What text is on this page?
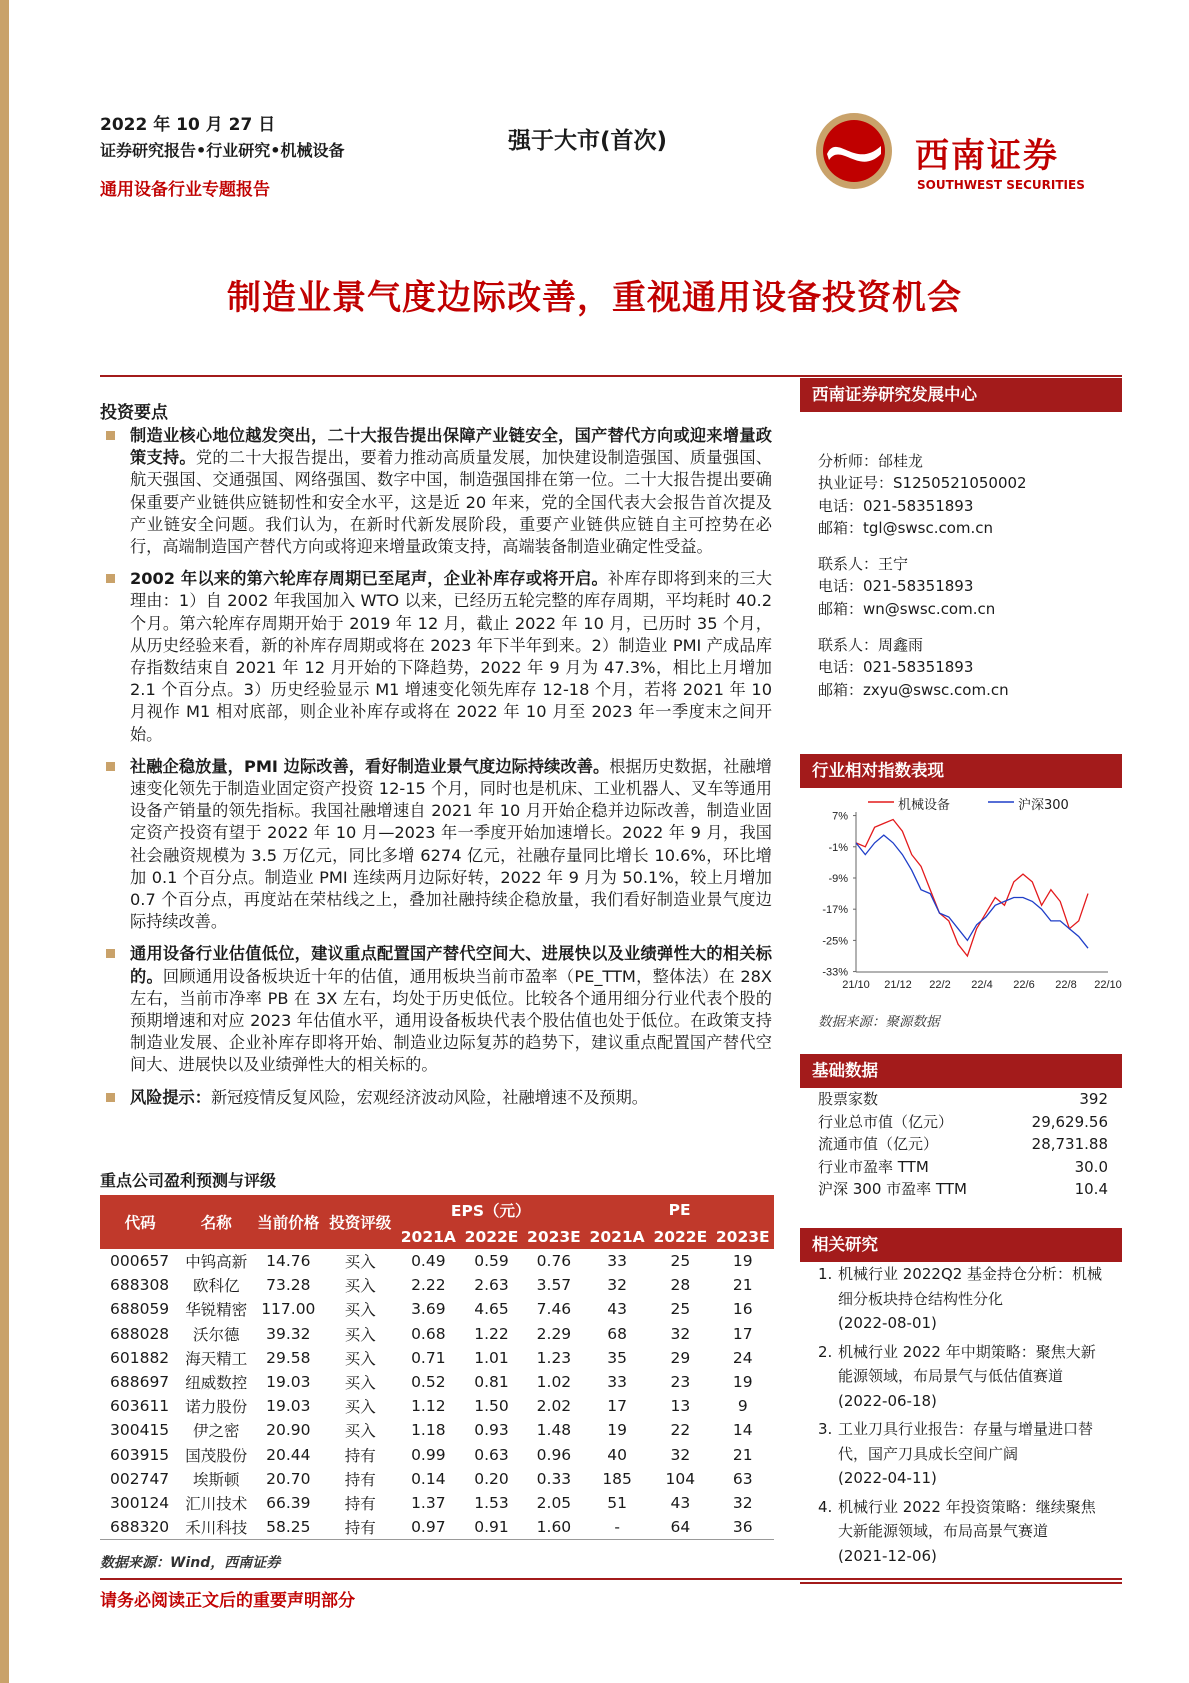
2022 年 10 月 27 日
证券研究报告•行业研究•机械设备
通用设备行业专题报告
强于大市(首次)	西南证券
SOUTHWEST SECURITIES
制造业景气度边际改善，重视通用设备投资机会
投资要点
制造业核心地位越发突出，二十大报告提出保障产业链安全，国产替代方向或迎来增量政策支持。党的二十大报告提出，要着力推动高质量发展，加快建设制造强国、质量强国、航天强国、交通强国、网络强国、数字中国，制造强国排在第一位。二十大报告提出要确保重要产业链供应链韧性和安全水平，这是近 20 年来，党的全国代表大会报告首次提及产业链安全问题。我们认为，在新时代新发展阶段，重要产业链供应链自主可控势在必行，高端制造国产替代方向或将迎来增量政策支持，高端装备制造业确定性受益。
2002 年以来的第六轮库存周期已至尾声，企业补库存或将开启。补库存即将到来的三大理由：1）自 2002 年我国加入 WTO 以来，已经历五轮完整的库存周期，平均耗时 40.2 个月。第六轮库存周期开始于 2019 年 12 月，截止 2022 年 10 月，已历时 35 个月，从历史经验来看，新的补库存周期或将在 2023 年下半年到来。2）制造业 PMI 产成品库存指数结束自 2021 年 12 月开始的下降趋势，2022 年 9 月为 47.3%，相比上月增加 2.1 个百分点。3）历史经验显示 M1 增速变化领先库存 12-18 个月，若将 2021 年 10 月视作 M1 相对底部，则企业补库存或将在 2022 年 10 月至 2023 年一季度末之间开始。
社融企稳放量，PMI 边际改善，看好制造业景气度边际持续改善。根据历史数据，社融增速变化领先于制造业固定资产投资 12-15 个月，同时也是机床、工业机器人、叉车等通用设备产销量的领先指标。我国社融增速自 2021 年 10 月开始企稳并边际改善，制造业固定资产投资有望于 2022 年 10 月—2023 年一季度开始加速增长。2022 年 9 月，我国社会融资规模为 3.5 万亿元，同比多增 6274 亿元，社融存量同比增长 10.6%，环比增加 0.1 个百分点。制造业 PMI 连续两月边际好转，2022 年 9 月为 50.1%，较上月增加 0.7 个百分点，再度站在荣枯线之上，叠加社融持续企稳放量，我们看好制造业景气度边际持续改善。
通用设备行业估值低位，建议重点配置国产替代空间大、进展快以及业绩弹性大的相关标的。回顾通用设备板块近十年的估值，通用板块当前市盈率（PE_TTM，整体法）在 28X 左右，当前市净率 PB 在 3X 左右，均处于历史低位。比较各个通用细分行业代表个股的预期增速和对应 2023 年估值水平，通用设备板块代表个股估值也处于低位。在政策支持制造业发展、企业补库存即将开始、制造业边际复苏的趋势下，建议重点配置国产替代空间大、进展快以及业绩弹性大的相关标的。
风险提示：新冠疫情反复风险，宏观经济波动风险，社融增速不及预期。
重点公司盈利预测与评级
代码	名称	当前价格	投资评级	EPS（元）			PE		
				2021A	2022E	2023E	2021A	2022E	2023E
000657	中钨高新	14.76	买入	0.49	0.59	0.76	33	25	19
688308	欧科亿	73.28	买入	2.22	2.63	3.57	32	28	21
688059	华锐精密	117.00	买入	3.69	4.65	7.46	43	25	16
688028	沃尔德	39.32	买入	0.68	1.22	2.29	68	32	17
601882	海天精工	29.58	买入	0.71	1.01	1.23	35	29	24
688697	纽威数控	19.03	买入	0.52	0.81	1.02	33	23	19
603611	诺力股份	19.03	买入	1.12	1.50	2.02	17	13	9
300415	伊之密	20.90	买入	1.18	0.93	1.48	19	22	14
603915	国茂股份	20.44	持有	0.99	0.63	0.96	40	32	21
002747	埃斯顿	20.70	持有	0.14	0.20	0.33	185	104	63
300124	汇川技术	66.39	持有	1.37	1.53	2.05	51	43	32
688320	禾川科技	58.25	持有	0.97	0.91	1.60	-	64	36
数据来源：Wind，西南证券
西南证券研究发展中心
分析师：邰桂龙
执业证号：S1250521050002
电话：021-58351893
邮箱：tgl@swsc.com.cn
联系人：王宁
电话：021-58351893
邮箱：wn@swsc.com.cn
联系人：周鑫雨
电话：021-58351893
邮箱：zxyu@swsc.com.cn
行业相对指数表现
7%
-1%
-9%
-17%
-25%
-33%
21/10 21/12 22/2 22/4 22/6 22/8 22/10
数据来源：聚源数据
基础数据
股票家数	392
行业总市值（亿元）	29,629.56
流通市值（亿元）	28,731.88
行业市盈率 TTM	30.0
沪深 300 市盈率 TTM	10.4
相关研究
1. 机械行业 2022Q2 基金持仓分析：机械细分板块持仓结构性分化
(2022-08-01)
2. 机械行业 2022 年中期策略：聚焦大新能源领域，布局景气与低估值赛道
(2022-06-18)
3. 工业刀具行业报告：存量与增量进口替代，国产刀具成长空间广阔
(2022-04-11)
4. 机械行业 2022 年投资策略：继续聚焦大新能源领域，布局高景气赛道
(2021-12-06)
请务必阅读正文后的重要声明部分
机械设备	沪深300
